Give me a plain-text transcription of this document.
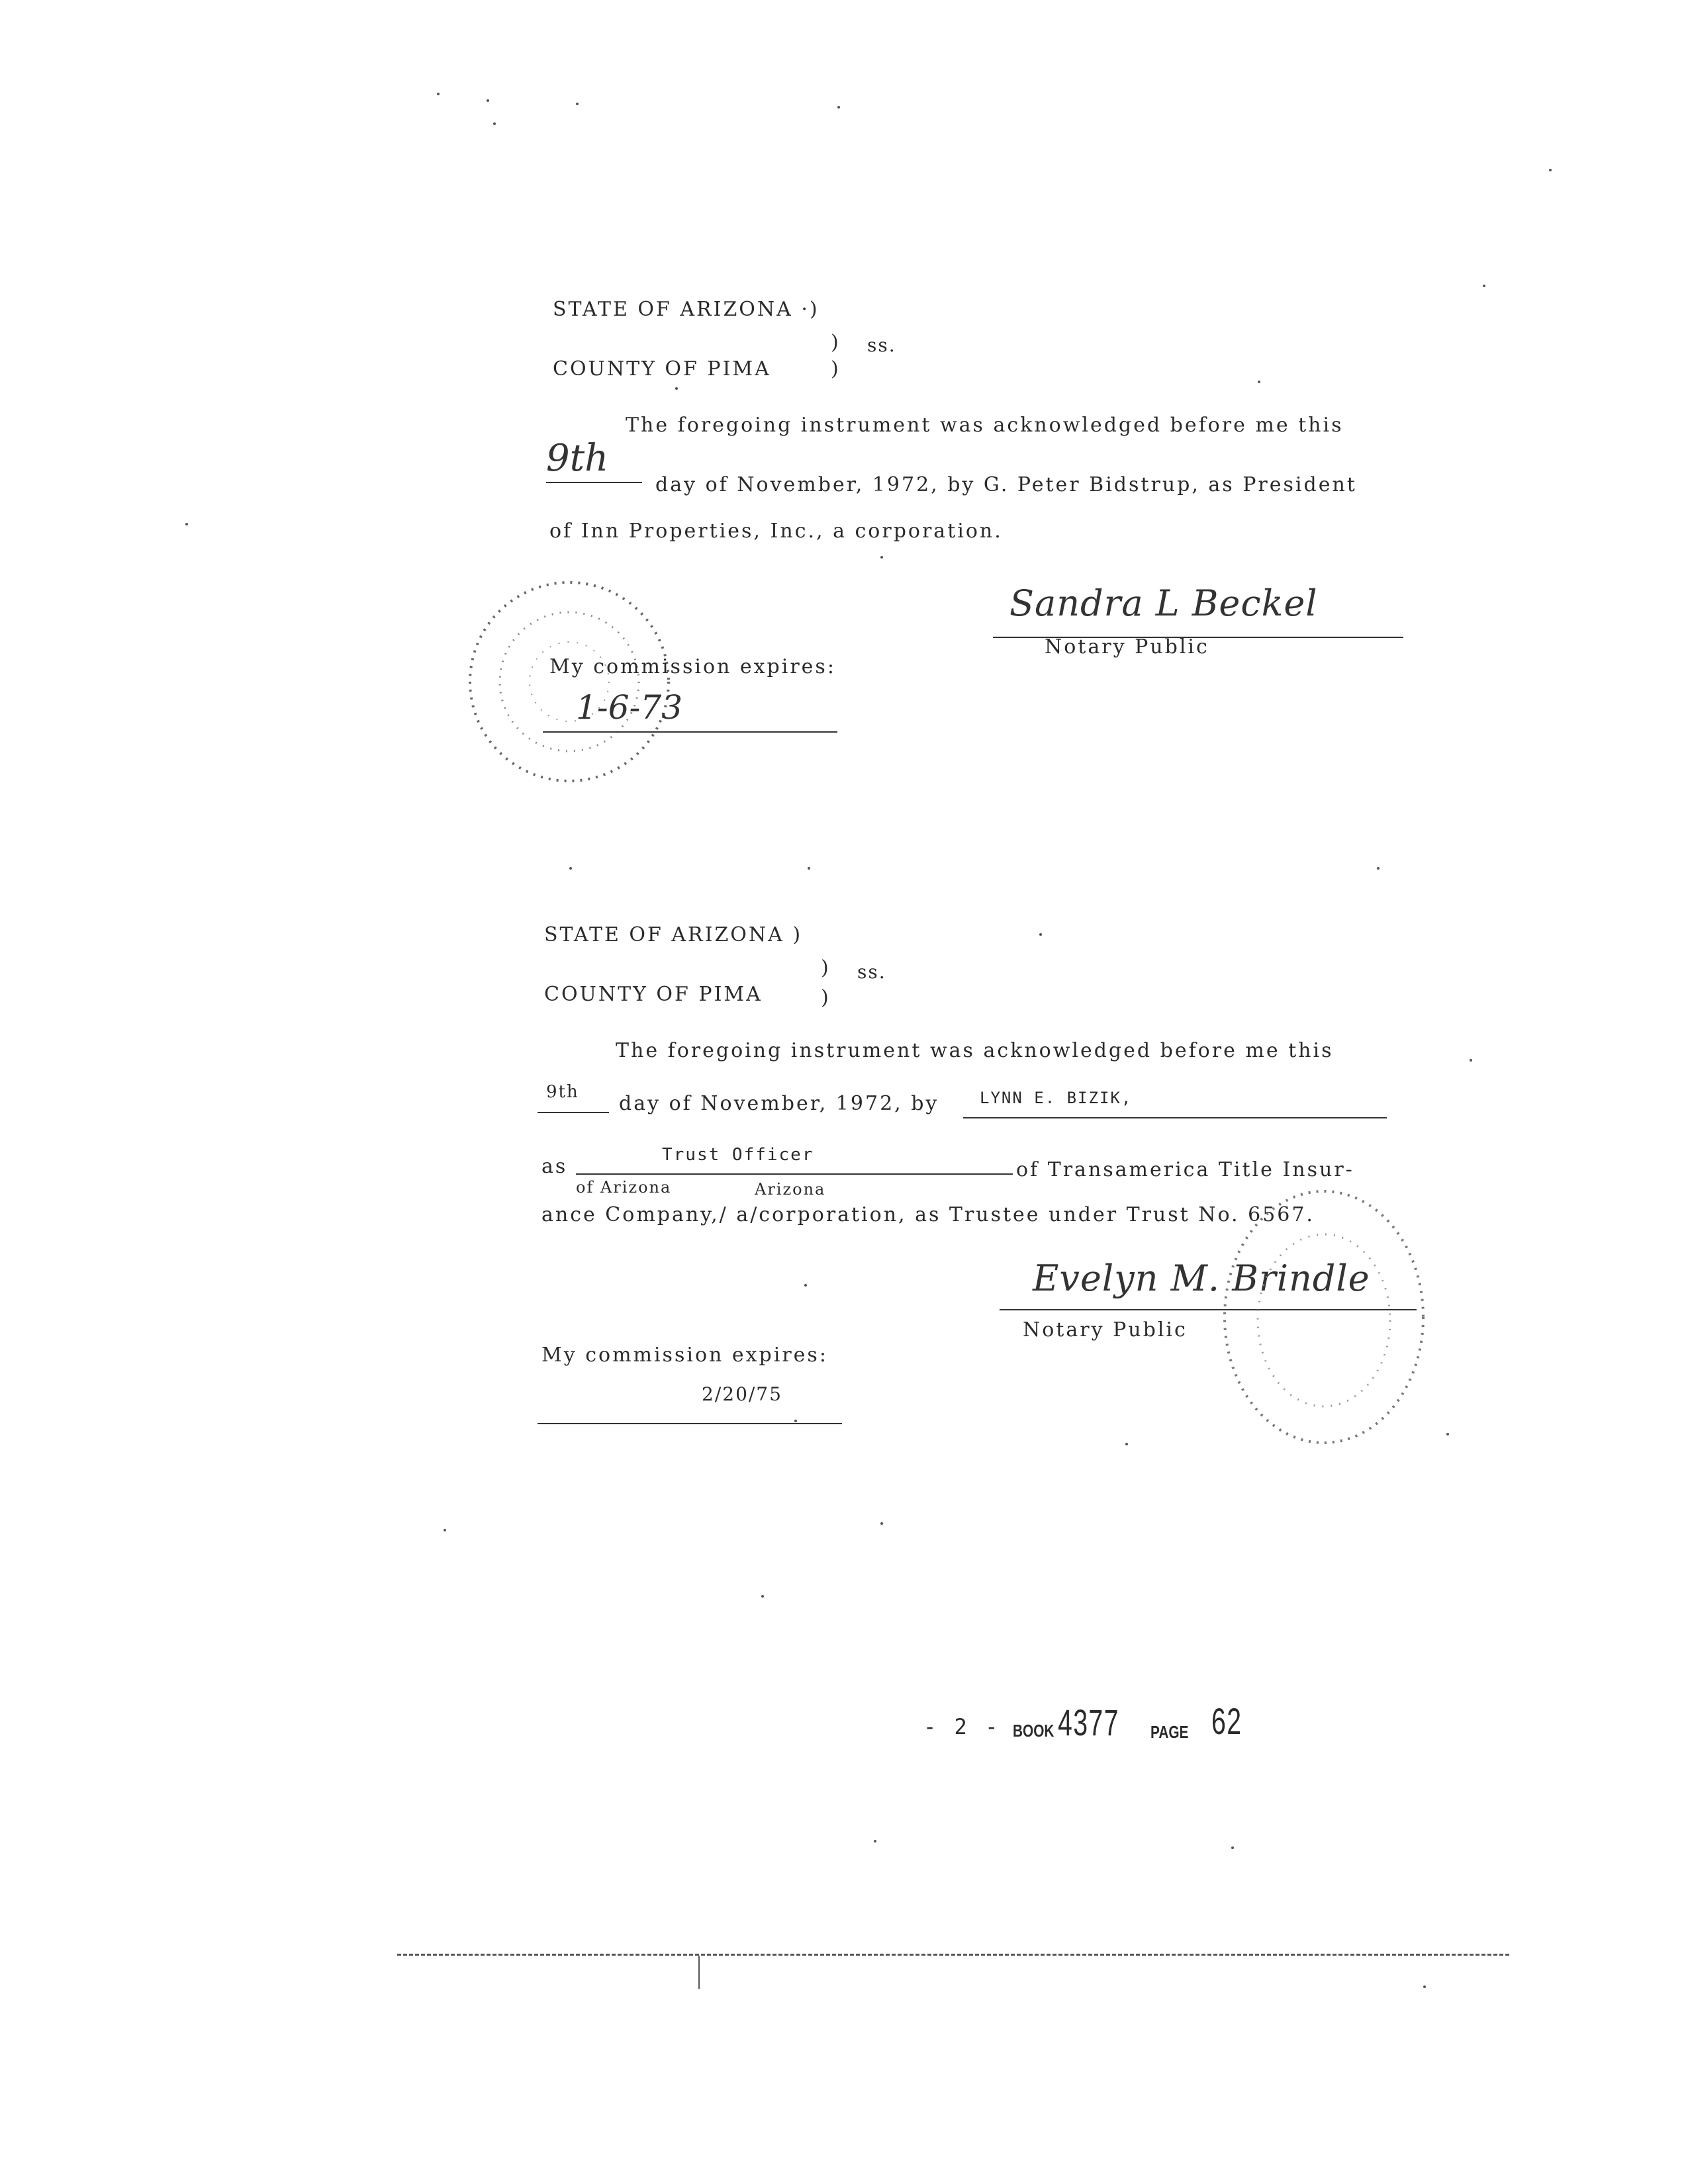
STATE OF ARIZONA ·)
) ss.
COUNTY OF PIMA	)
The foregoing instrument was acknowledged before me this
9th
day of November, 1972, by G. Peter Bidstrup, as President
of Inn Properties, Inc., a corporation.
Sandra L Beckel
Notary Public
My commission expires:
1-6-73
STATE OF ARIZONA )
) ss.
COUNTY OF PIMA	)
The foregoing instrument was acknowledged before me this
9th day of November, 1972, by	LYNN E. BIZIK,
as	Trust Officer
of Transamerica Title Insur-
of Arizona	Arizona
ance Company,/ a/corporation, as Trustee under Trust No. 6567.
Evelyn M. Brindle
Notary Public
My commission expires:
2/20/75
- 2 - BOOK 4377 PAGE 62
